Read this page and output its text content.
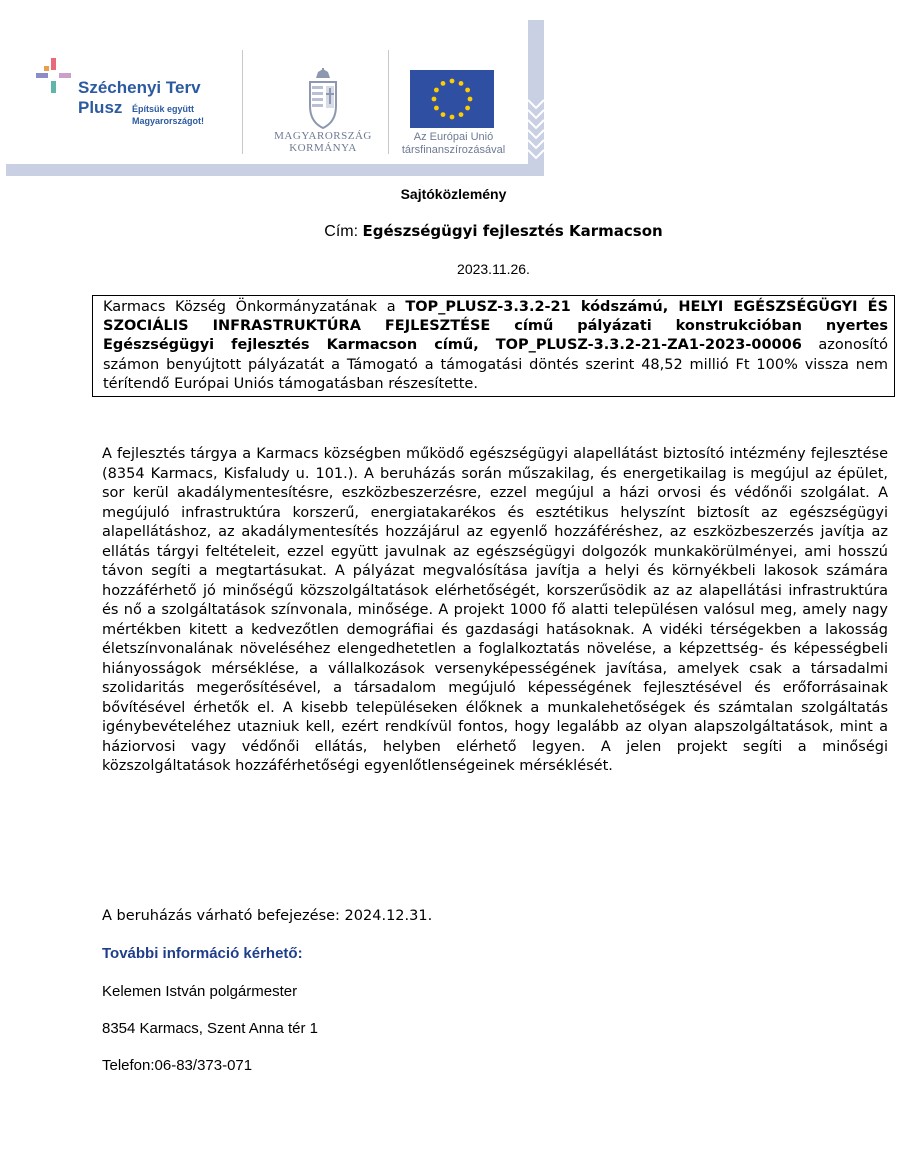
Széchenyi Terv
Plusz Építsük együtt Magyarországot!
MAGYARORSZÁG
KORMÁNYA
Az Európai Unió
társfinanszírozásával
Sajtóközlemény
Cím: Egészségügyi fejlesztés Karmacson
2023.11.26.
Karmacs Község Önkormányzatának a TOP_PLUSZ-3.3.2-21 kódszámú, HELYI EGÉSZSÉGÜGYI ÉS SZOCIÁLIS INFRASTRUKTÚRA FEJLESZTÉSE című pályázati konstrukcióban nyertes Egészségügyi fejlesztés Karmacson című, TOP_PLUSZ-3.3.2-21-ZA1-2023-00006 azonosító számon benyújtott pályázatát a Támogató a támogatási döntés szerint 48,52 millió Ft 100% vissza nem térítendő Európai Uniós támogatásban részesítette.
A fejlesztés tárgya a Karmacs községben működő egészségügyi alapellátást biztosító intézmény fejlesztése (8354 Karmacs, Kisfaludy u. 101.). A beruházás során műszakilag, és energetikailag is megújul az épület, sor kerül akadálymentesítésre, eszközbeszerzésre, ezzel megújul a házi orvosi és védőnői szolgálat. A megújuló infrastruktúra korszerű, energiatakarékos és esztétikus helyszínt biztosít az egészségügyi alapellátáshoz, az akadálymentesítés hozzájárul az egyenlő hozzáféréshez, az eszközbeszerzés javítja az ellátás tárgyi feltételeit, ezzel együtt javulnak az egészségügyi dolgozók munkakörülményei, ami hosszú távon segíti a megtartásukat. A pályázat megvalósítása javítja a helyi és környékbeli lakosok számára hozzáférhető jó minőségű közszolgáltatások elérhetőségét, korszerűsödik az az alapellátási infrastruktúra és nő a szolgáltatások színvonala, minősége. A projekt 1000 fő alatti településen valósul meg, amely nagy mértékben kitett a kedvezőtlen demográfiai és gazdasági hatásoknak. A vidéki térségekben a lakosság életszínvonalának növeléséhez elengedhetetlen a foglalkoztatás növelése, a képzettség- és képességbeli hiányosságok mérséklése, a vállalkozások versenyképességének javítása, amelyek csak a társadalmi szolidaritás megerősítésével, a társadalom megújuló képességének fejlesztésével és erőforrásainak bővítésével érhetők el. A kisebb településeken élőknek a munkalehetőségek és számtalan szolgáltatás igénybevételéhez utazniuk kell, ezért rendkívül fontos, hogy legalább az olyan alapszolgáltatások, mint a háziorvosi vagy védőnői ellátás, helyben elérhető legyen. A jelen projekt segíti a minőségi közszolgáltatások hozzáférhetőségi egyenlőtlenségeinek mérséklését.
A beruházás várható befejezése: 2024.12.31.
További információ kérhető:
Kelemen István polgármester
8354 Karmacs, Szent Anna tér 1
Telefon:06-83/373-071
